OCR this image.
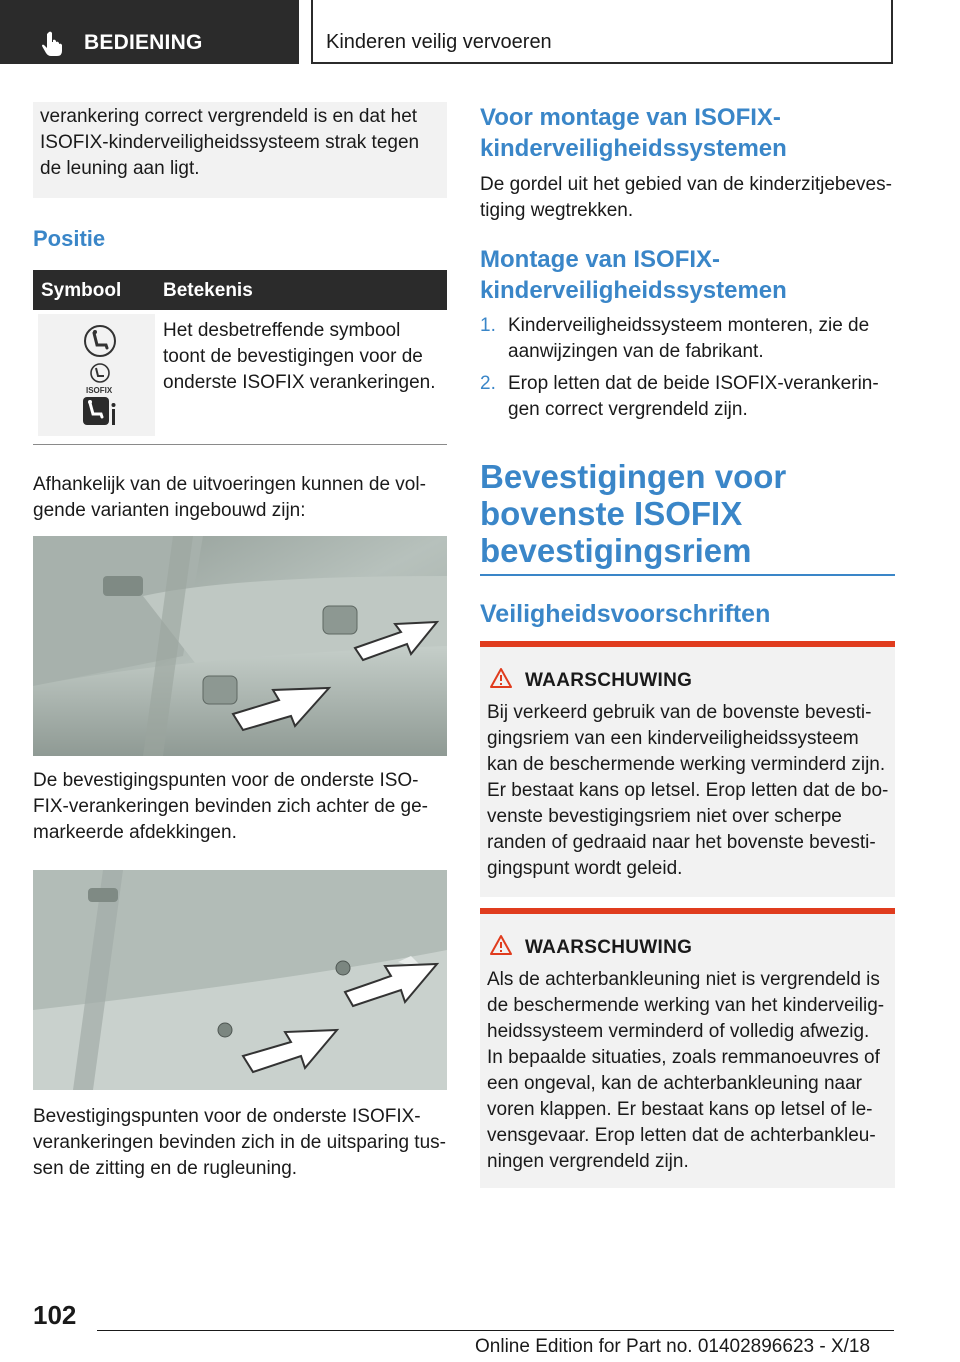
BEDIENING	Kinderen veilig vervoeren
verankering correct vergrendeld is en dat het
ISOFIX-kinderveiligheidssysteem strak tegen
de leuning aan ligt.
Positie
Symbool Betekenis
ISOFIX
Het desbetreffende symbool
toont de bevestigingen voor de
onderste ISOFIX verankeringen.
Afhankelijk van de uitvoeringen kunnen de vol-
gende varianten ingebouwd zijn:
De bevestigingspunten voor de onderste ISO-
FIX-verankeringen bevinden zich achter de ge-
markeerde afdekkingen.
Bevestigingspunten voor de onderste ISOFIX-
verankeringen bevinden zich in de uitsparing tus-
sen de zitting en de rugleuning.
Voor montage van ISOFIX-
kinderveiligheidssystemen
De gordel uit het gebied van de kinderzitjebeves-
tiging wegtrekken.
Montage van ISOFIX-
kinderveiligheidssystemen
1. Kinderveiligheidssysteem monteren, zie de
aanwijzingen van de fabrikant.
2. Erop letten dat de beide ISOFIX-verankerin-
gen correct vergrendeld zijn.
Bevestigingen voor
bovenste ISOFIX
bevestigingsriem
Veiligheidsvoorschriften
WAARSCHUWING
Bij verkeerd gebruik van de bovenste bevesti-
gingsriem van een kinderveiligheidssysteem
kan de beschermende werking verminderd zijn.
Er bestaat kans op letsel. Erop letten dat de bo-
venste bevestigingsriem niet over scherpe
randen of gedraaid naar het bovenste bevesti-
gingspunt wordt geleid.
WAARSCHUWING
Als de achterbankleuning niet is vergrendeld is
de beschermende werking van het kinderveilig-
heidssysteem verminderd of volledig afwezig.
In bepaalde situaties, zoals remmanoeuvres of
een ongeval, kan de achterbankleuning naar
voren klappen. Er bestaat kans op letsel of le-
vensgevaar. Erop letten dat de achterbankleu-
ningen vergrendeld zijn.
102
Online Edition for Part no. 01402896623 - X/18
